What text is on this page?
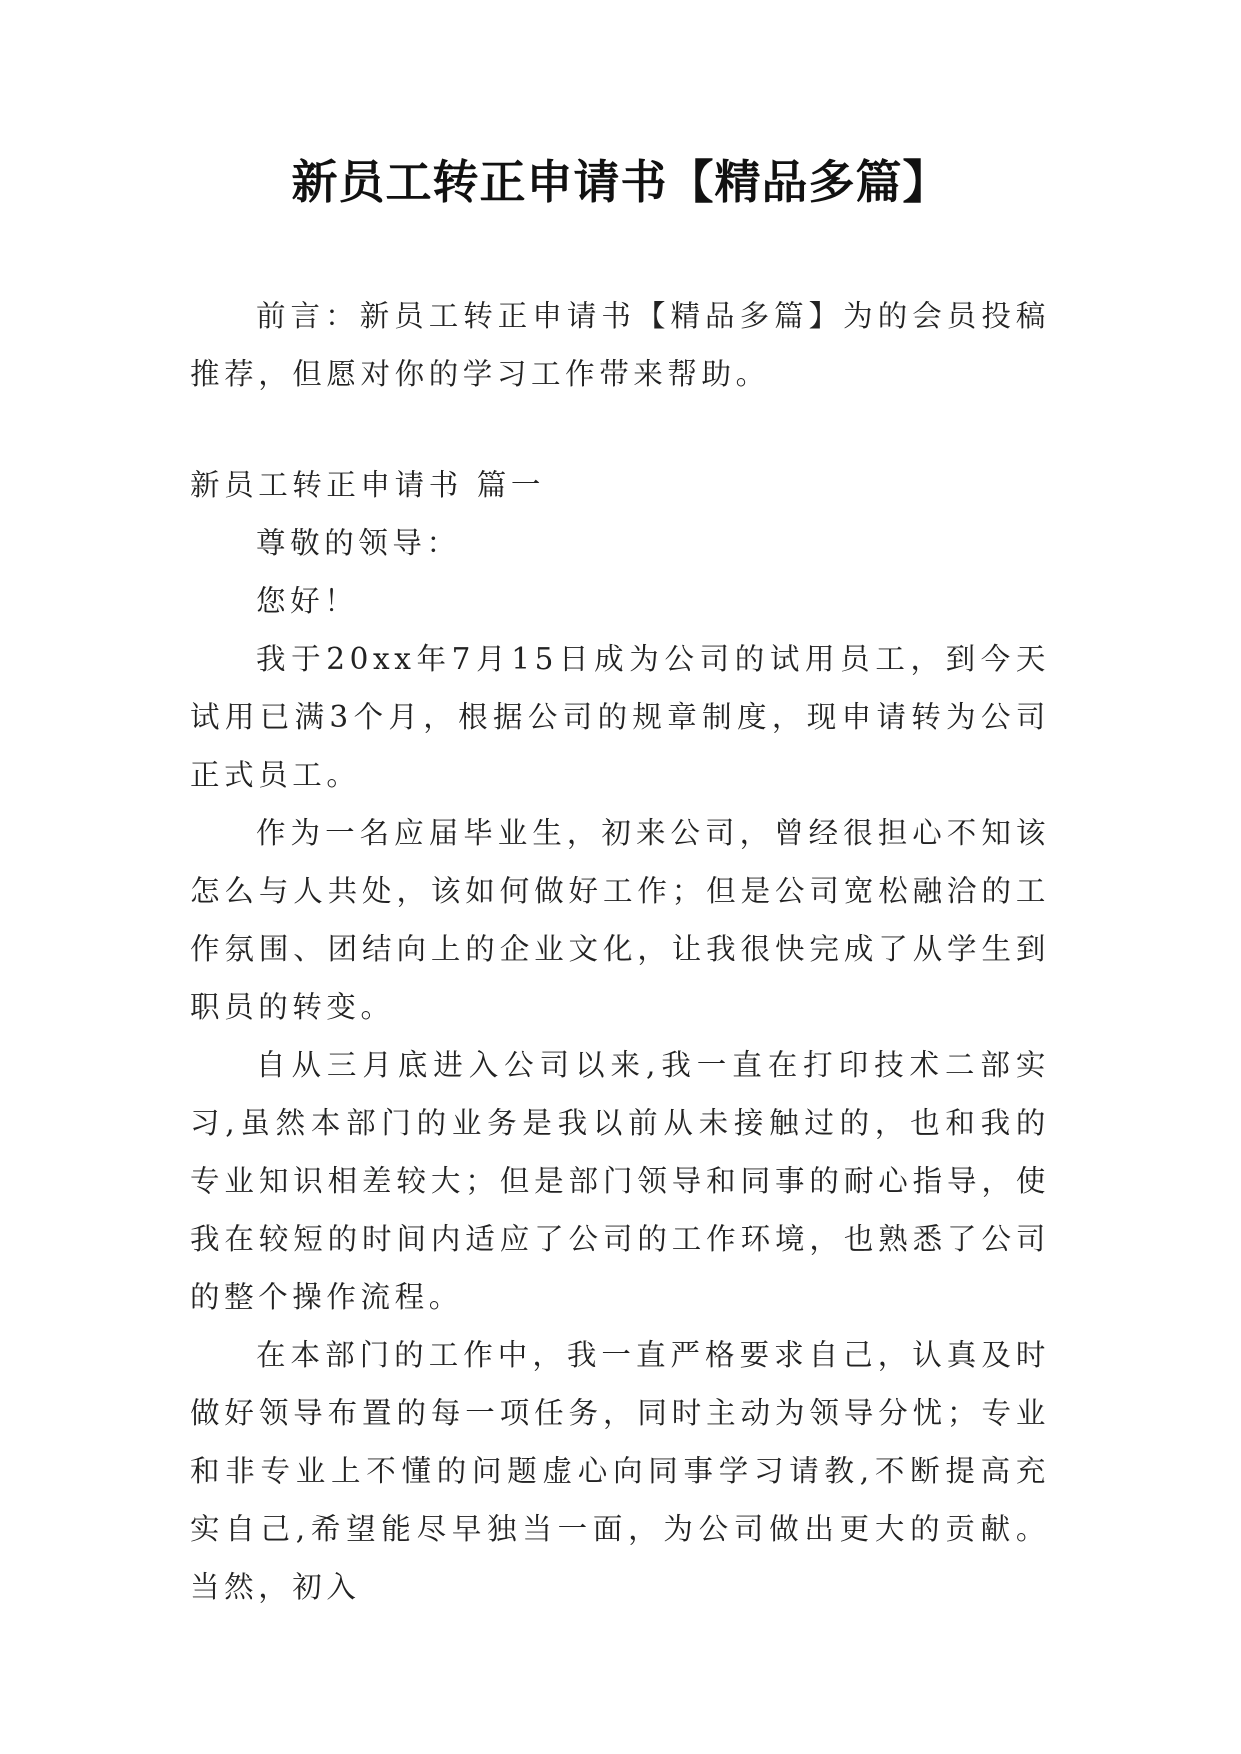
新员工转正申请书【精品多篇】

前言：新员工转正申请书【精品多篇】为的会员投稿推荐，但愿对你的学习工作带来帮助。

新员工转正申请书 篇一

尊敬的领导：

您好！

我于20xx年7月15日成为公司的试用员工，到今天试用已满3个月，根据公司的规章制度，现申请转为公司正式员工。

作为一名应届毕业生，初来公司，曾经很担心不知该怎么与人共处，该如何做好工作；但是公司宽松融洽的工作氛围、团结向上的企业文化，让我很快完成了从学生到职员的转变。

自从三月底进入公司以来,我一直在打印技术二部实习,虽然本部门的业务是我以前从未接触过的，也和我的专业知识相差较大；但是部门领导和同事的耐心指导，使我在较短的时间内适应了公司的工作环境，也熟悉了公司的整个操作流程。

在本部门的工作中，我一直严格要求自己，认真及时做好领导布置的每一项任务，同时主动为领导分忧；专业和非专业上不懂的问题虚心向同事学习请教,不断提高充实自己,希望能尽早独当一面，为公司做出更大的贡献。当然，初入
